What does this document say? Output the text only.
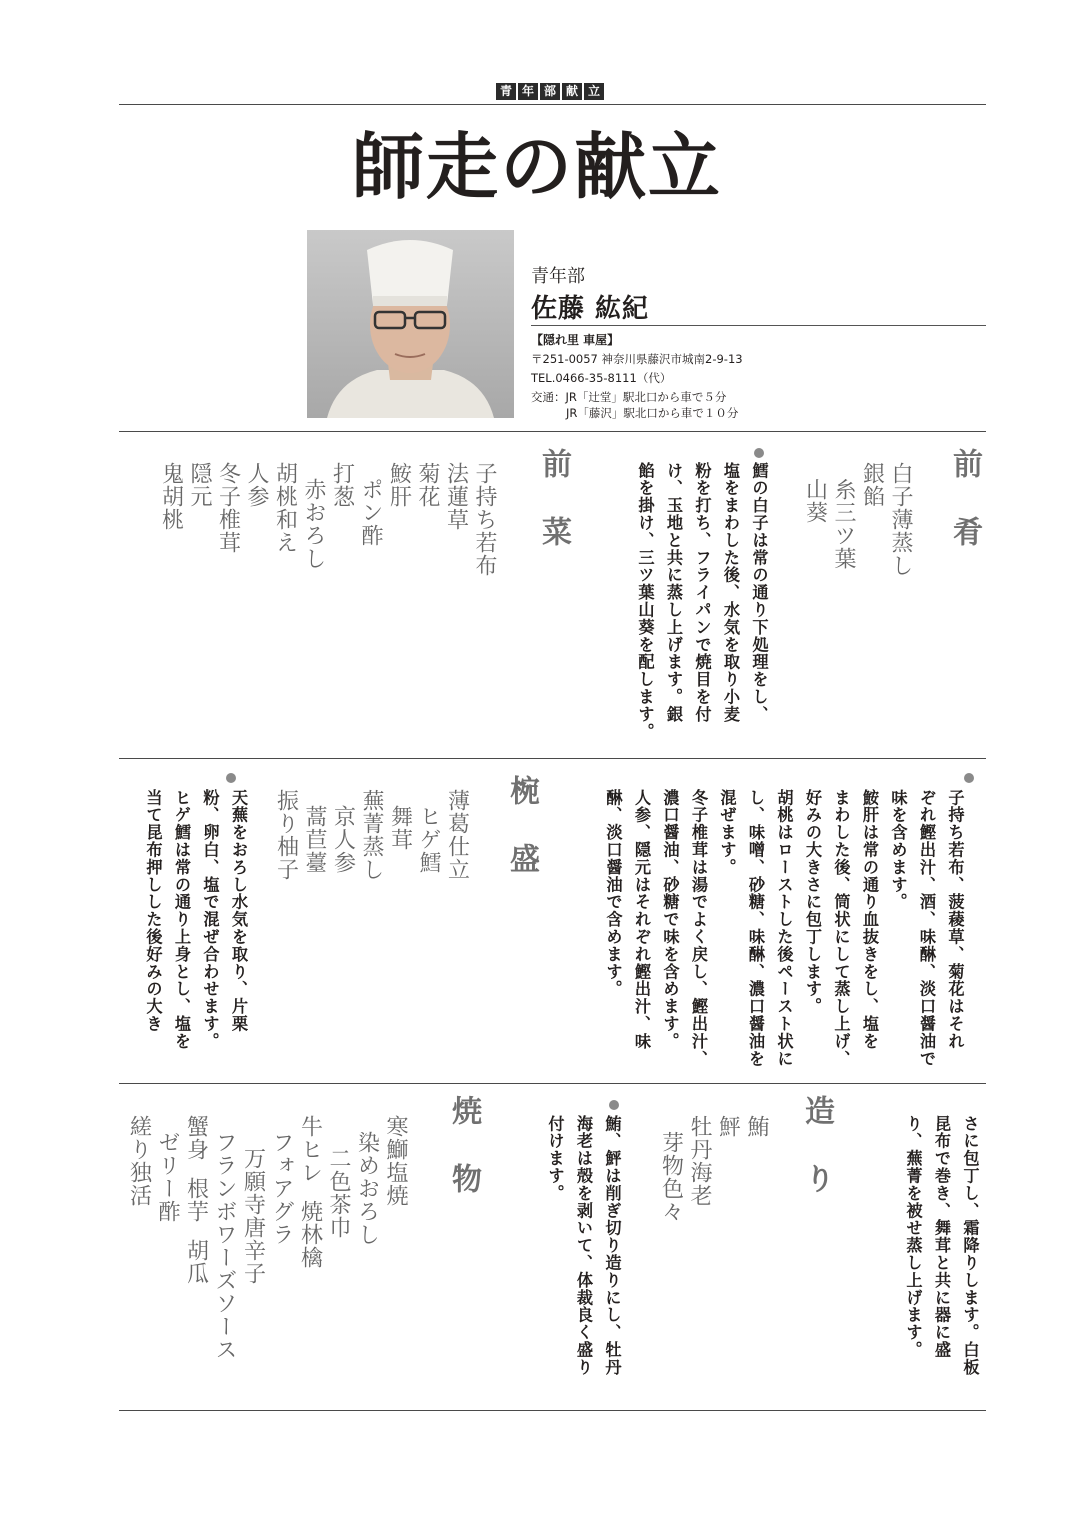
青 年 部 献 立
師走の献立
青年部
佐藤 紘紀
【隠れ里 車屋】
〒251-0057 神奈川県藤沢市城南2-9-13
TEL.0466-35-8111（代）
交通：JR「辻堂」駅北口から車で５分
JR「藤沢」駅北口から車で１０分
前肴
白子薄蒸し
銀餡
糸三ツ葉
山葵
鱈の白子は常の通り下処理をし、
塩をまわした後、水気を取り小麦
粉を打ち、フライパンで焼目を付
け、玉地と共に蒸し上げます。銀
餡を掛け、三ツ葉山葵を配します。
前菜
子持ち若布
法蓮草
菊花
鮟肝
ポン酢
打葱
赤おろし
胡桃和え
人参
冬子椎茸
隠元
鬼胡桃
子持ち若布、菠薐草、菊花はそれ
ぞれ鰹出汁、酒、味醂、淡口醤油で
味を含めます。
鮟肝は常の通り血抜きをし、塩を
まわした後、筒状にして蒸し上げ、
好みの大きさに包丁します。
胡桃はローストした後ペースト状に
し、味噌、砂糖、味醂、濃口醤油を
混ぜます。
冬子椎茸は湯でよく戻し、鰹出汁、
濃口醤油、砂糖で味を含めます。
人参、隠元はそれぞれ鰹出汁、味
醂、淡口醤油で含めます。
椀盛
薄葛仕立
ヒゲ鱈
舞茸
蕪菁蒸し
京人参
蒿苣薹
振り柚子
天蕪をおろし水気を取り、片栗
粉、卵白、塩で混ぜ合わせます。
ヒゲ鱈は常の通り上身とし、塩を
当て昆布押しした後好みの大き
さに包丁し、霜降りします。白板
昆布で巻き、舞茸と共に器に盛
り、蕪菁を被せ蒸し上げます。
造り
鮪
鮃
牡丹海老
芽物色々
鮪、鮃は削ぎ切り造りにし、牡丹
海老は殻を剥いて、体裁良く盛り
付けます。
焼物
寒鰤塩焼
染めおろし
二色茶巾
牛ヒレ  焼林檎
フォアグラ
万願寺唐辛子
フランボワーズソース
蟹身  根芋  胡瓜
ゼリー酢
縒り独活
